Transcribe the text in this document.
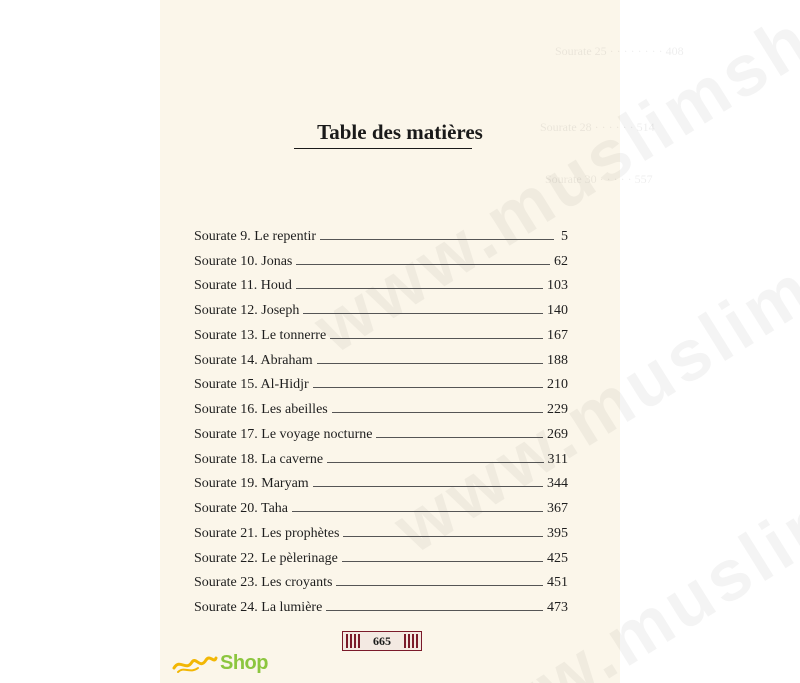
Sourate 25 · · · · · · · · 408
Sourate 28 · · · · · · 514
Sourate 30 · · · · · 557
Table des matières
Sourate 9. Le repentir	5
Sourate 10. Jonas	62
Sourate 11. Houd	103
Sourate 12. Joseph	140
Sourate 13. Le tonnerre	167
Sourate 14. Abraham	188
Sourate 15. Al-Hidjr	210
Sourate 16. Les abeilles	229
Sourate 17. Le voyage nocturne	269
Sourate 18. La caverne	311
Sourate 19. Maryam	344
Sourate 20. Taha	367
Sourate 21. Les prophètes	395
Sourate 22. Le pèlerinage	425
Sourate 23. Les croyants	451
Sourate 24. La lumière	473
665
Shop
